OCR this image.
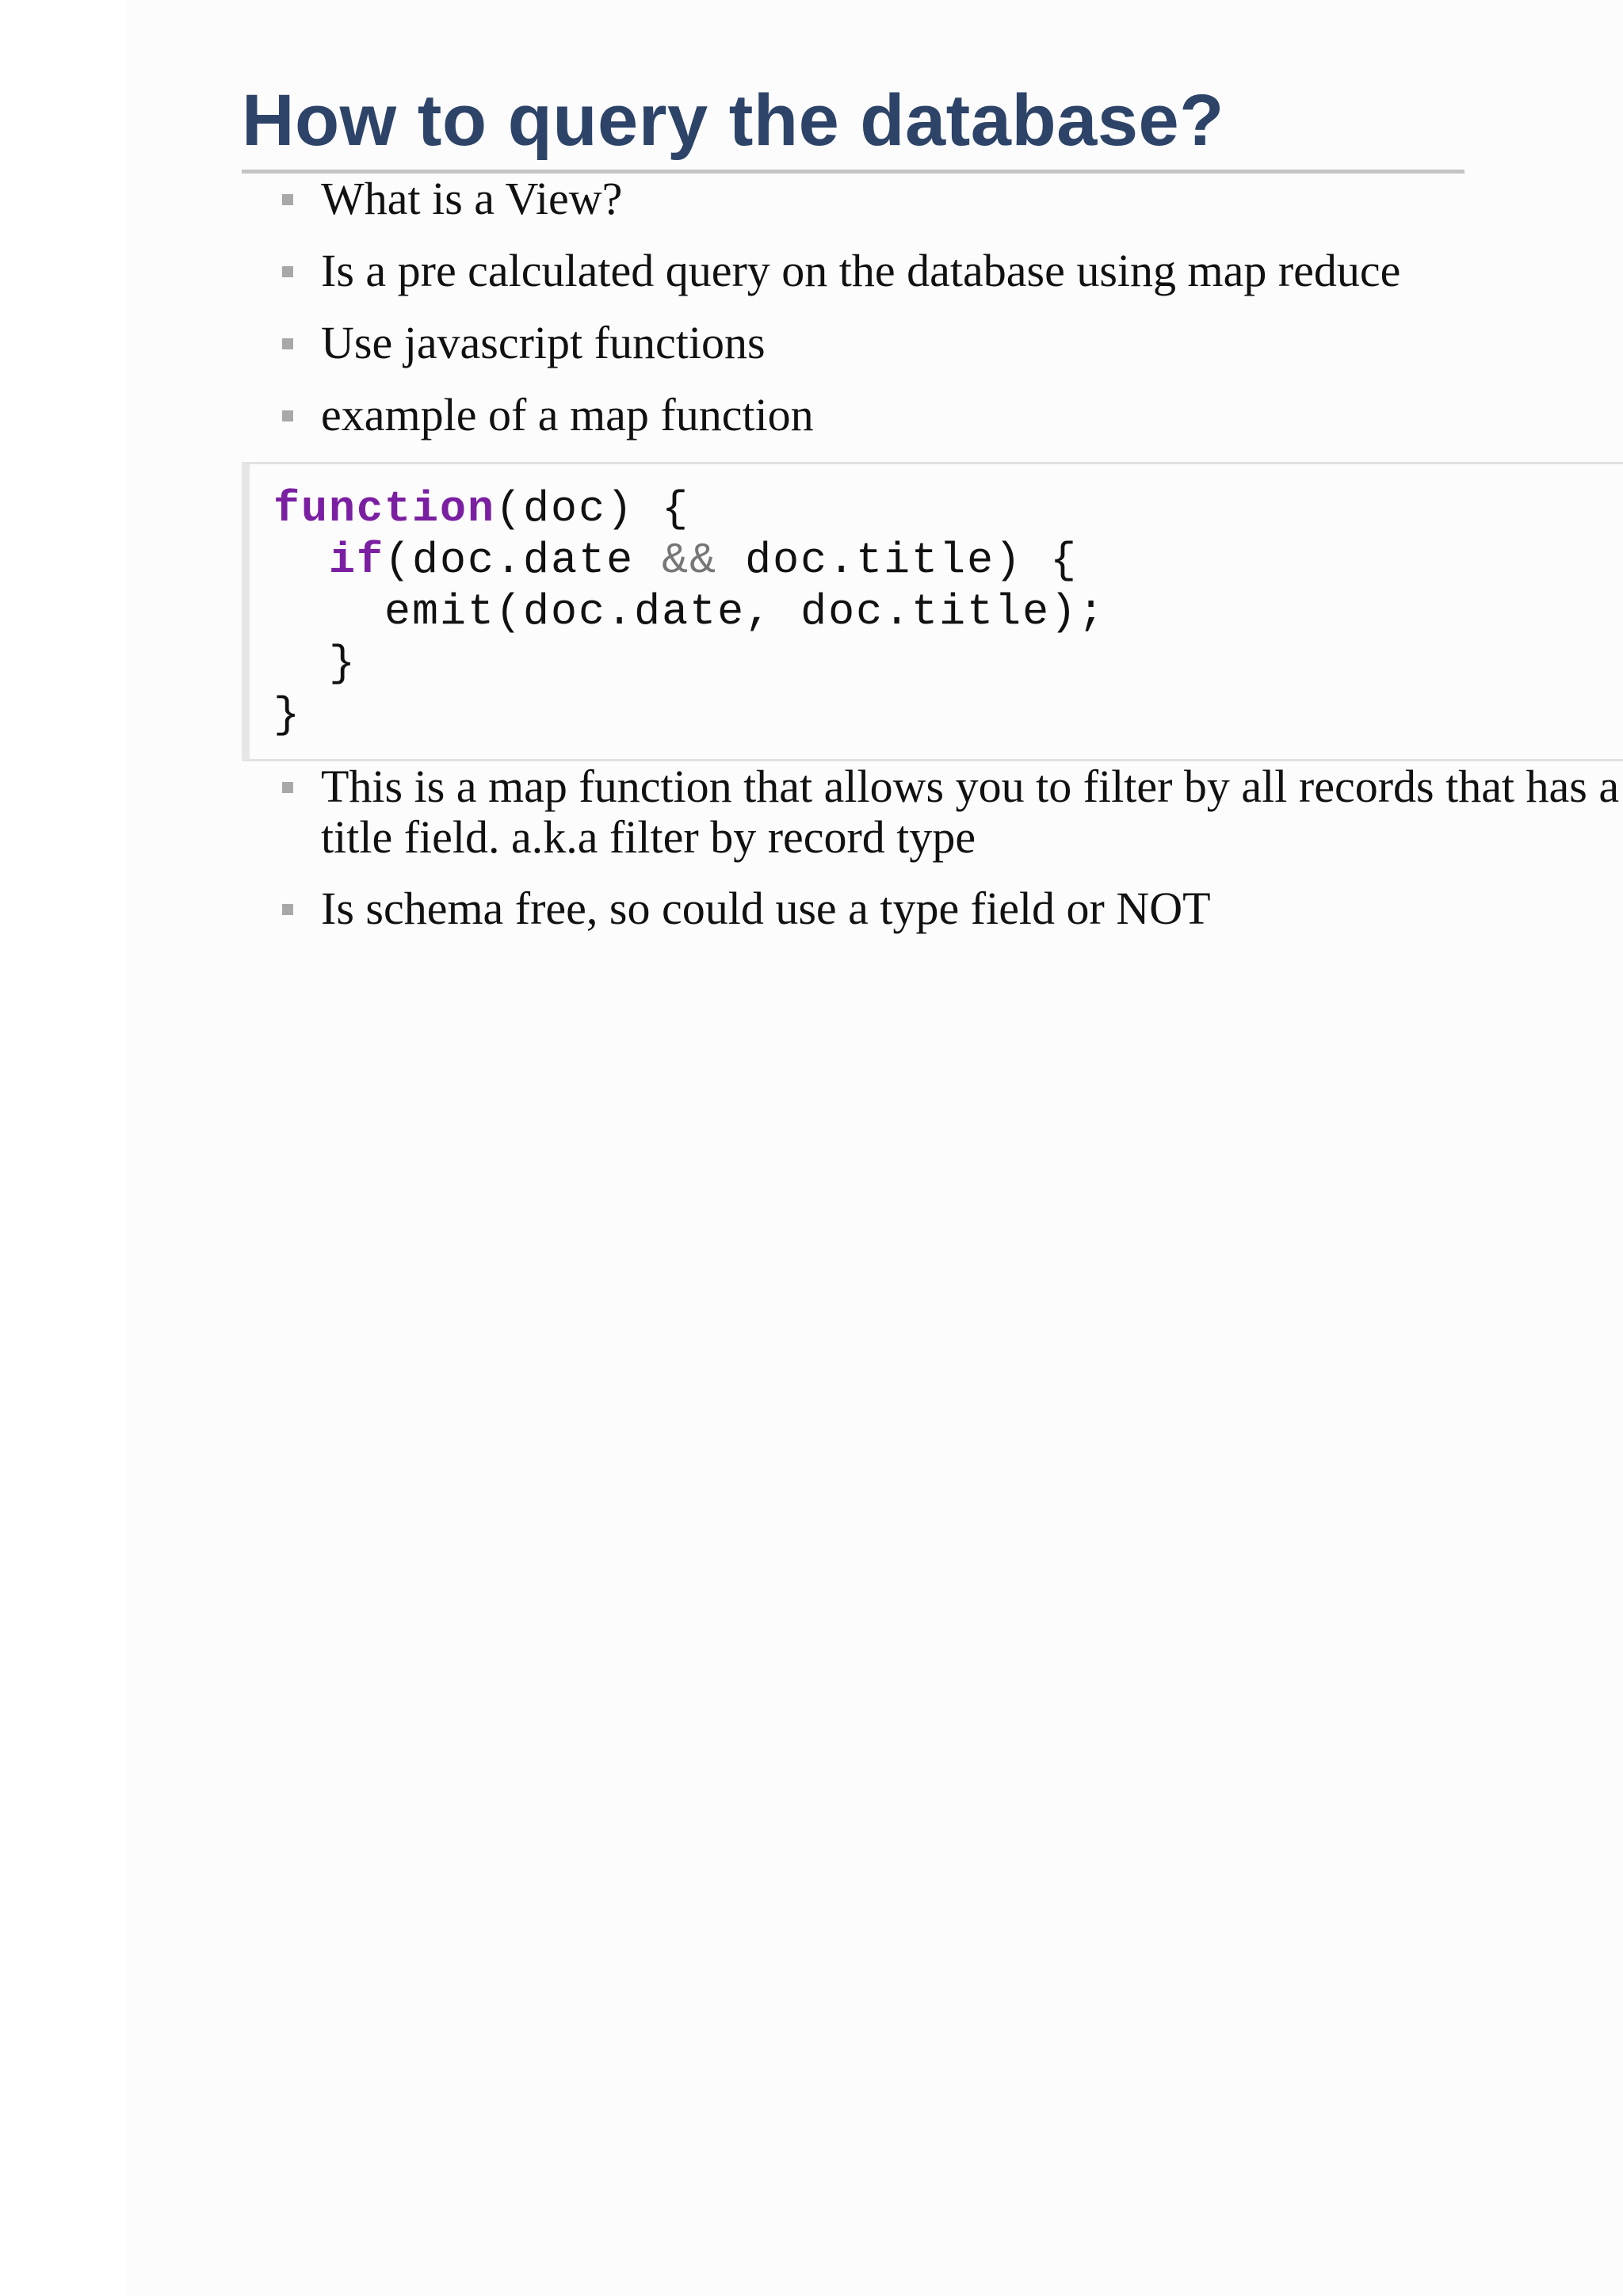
How to query the database?
What is a View?
Is a pre calculated query on the database using map reduce
Use javascript functions
example of a map function
function(doc) {
if(doc.date && doc.title) {
emit(doc.date, doc.title);
}
}
This is a map function that allows you to filter by all records that has a title field. a.k.a filter by record type
Is schema free, so could use a type field or NOT
